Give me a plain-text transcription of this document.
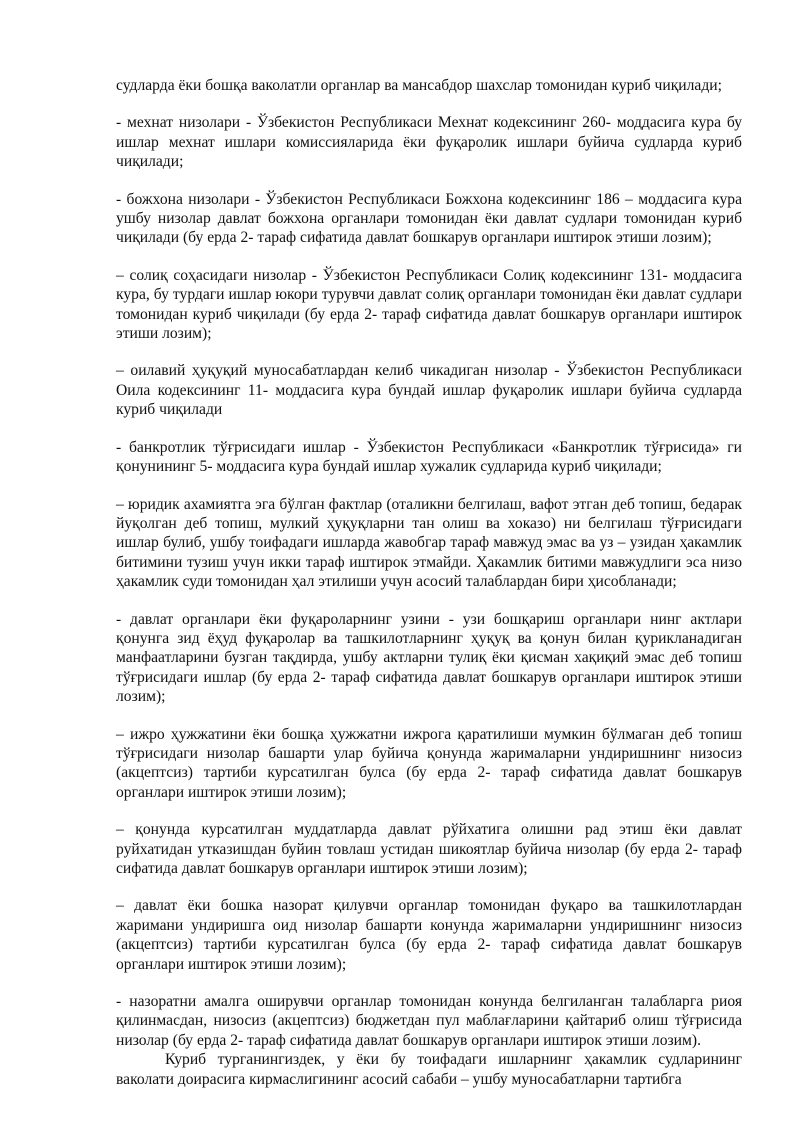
судларда ёки бошқа ваколатли органлар ва мансабдор шахслар томонидан куриб чиқилади;

- мехнат низолари - Ўзбекистон Республикаси Мехнат кодексининг 260- моддасига кура бу ишлар мехнат ишлари комиссияларида ёки фуқаролик ишлари буйича судларда куриб чиқилади;

- божхона низолари - Ўзбекистон Республикаси Божхона кодексининг 186 – моддасига кура ушбу низолар давлат божхона органлари томонидан ёки давлат судлари томонидан куриб чиқилади (бу ерда 2- тараф сифатида давлат бошкарув органлари иштирок этиши лозим);

– солиқ соҳасидаги низолар - Ўзбекистон Республикаси Солиқ кодексининг 131- моддасига кура, бу турдаги ишлар юкори турувчи давлат солиқ органлари томонидан ёки давлат судлари томонидан куриб чиқилади (бу ерда 2- тараф сифатида давлат бошкарув органлари иштирок этиши лозим);

– оилавий ҳуқуқий муносабатлардан келиб чикадиган низолар - Ўзбекистон Республикаси Оила кодексининг 11- моддасига кура бундай ишлар фуқаролик ишлари буйича судларда куриб чиқилади

- банкротлик тўғрисидаги ишлар - Ўзбекистон Республикаси «Банкротлик тўғрисида» ги қонунининг 5- моддасига кура бундай ишлар хужалик судларида куриб чиқилади;

– юридик ахамиятга эга бўлган фактлар (оталикни белгилаш, вафот этган деб топиш, бедарак йуқолган деб топиш, мулкий ҳуқуқларни тан олиш ва хоказо) ни белгилаш тўғрисидаги ишлар булиб, ушбу тоифадаги ишларда жавобгар тараф мавжуд эмас ва уз – узидан ҳакамлик битимини тузиш учун икки тараф иштирок этмайди. Ҳакамлик битими мавжудлиги эса низо ҳакамлик суди томонидан ҳал этилиши учун асосий талаблардан бири ҳисобланади;

- давлат органлари ёки фуқароларнинг узини - узи бошқариш органлари нинг актлари қонунга зид ёҳуд фуқаролар ва ташкилотларнинг ҳуқуқ ва қонун билан қурикланадиган манфаатларини бузган тақдирда, ушбу актларни тулиқ ёки қисман хақиқий эмас деб топиш тўғрисидаги ишлар (бу ерда 2- тараф сифатида давлат бошкарув органлари иштирок этиши лозим);

– ижро ҳужжатини ёки бошқа ҳужжатни ижрога қаратилиши мумкин бўлмаган деб топиш тўғрисидаги низолар башарти улар буйича қонунда жарималарни ундиришнинг низосиз (акцептсиз) тартиби курсатилган булса (бу ерда 2- тараф сифатида давлат бошкарув органлари иштирок этиши лозим);

– қонунда курсатилган муддатларда давлат рўйхатига олишни рад этиш ёки давлат руйхатидан утказишдан буйин товлаш устидан шикоятлар буйича низолар (бу ерда 2- тараф сифатида давлат бошкарув органлари иштирок этиши лозим);

– давлат ёки бошка назорат қилувчи органлар томонидан фуқаро ва ташкилотлардан жаримани ундиришга оид низолар башарти конунда жарималарни ундиришнинг низосиз (акцептсиз) тартиби курсатилган булса (бу ерда 2- тараф сифатида давлат бошкарув органлари иштирок этиши лозим);

- назоратни амалга оширувчи органлар томонидан конунда белгиланган талабларга риоя қилинмасдан, низосиз (акцептсиз) бюджетдан пул маблағларини қайтариб олиш тўғрисида низолар (бу ерда 2- тараф сифатида давлат бошкарув органлари иштирок этиши лозим).

Куриб турганингиздек, у ёки бу тоифадаги ишларнинг ҳакамлик судларининг ваколати доирасига кирмаслигининг асосий сабаби – ушбу муносабатларни тартибга
